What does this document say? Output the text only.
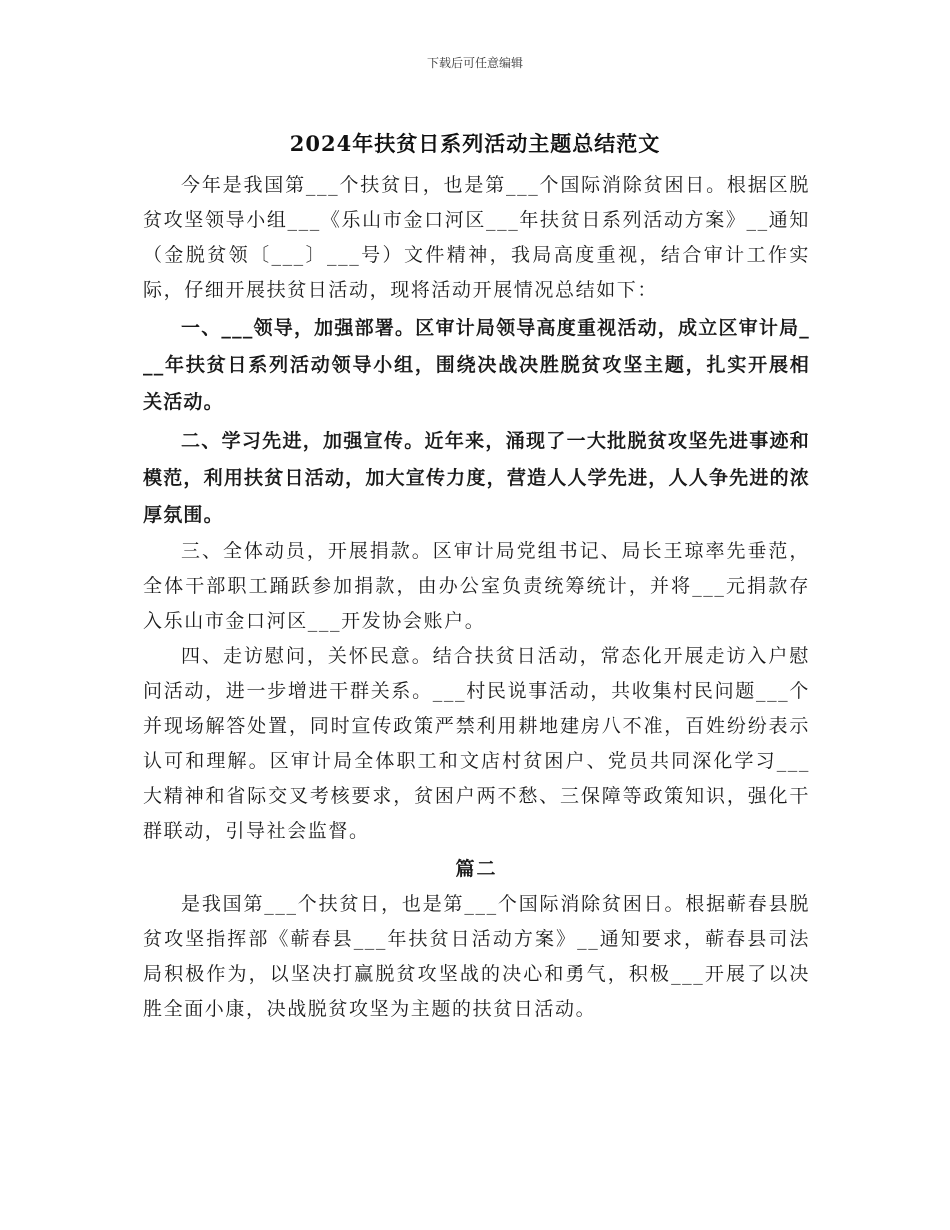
下载后可任意编辑
2024年扶贫日系列活动主题总结范文

今年是我国第___个扶贫日，也是第___个国际消除贫困日。根据区脱贫攻坚领导小组___《乐山市金口河区___年扶贫日系列活动方案》__通知（金脱贫领〔___〕___号）文件精神，我局高度重视，结合审计工作实际，仔细开展扶贫日活动，现将活动开展情况总结如下：

一、___领导，加强部署。区审计局领导高度重视活动，成立区审计局___年扶贫日系列活动领导小组，围绕决战决胜脱贫攻坚主题，扎实开展相关活动。

二、学习先进，加强宣传。近年来，涌现了一大批脱贫攻坚先进事迹和模范，利用扶贫日活动，加大宣传力度，营造人人学先进，人人争先进的浓厚氛围。

三、全体动员，开展捐款。区审计局党组书记、局长王琼率先垂范，全体干部职工踊跃参加捐款，由办公室负责统筹统计，并将___元捐款存入乐山市金口河区___开发协会账户。

四、走访慰问，关怀民意。结合扶贫日活动，常态化开展走访入户慰问活动，进一步增进干群关系。___村民说事活动，共收集村民问题___个并现场解答处置，同时宣传政策严禁利用耕地建房八不准，百姓纷纷表示认可和理解。区审计局全体职工和文店村贫困户、党员共同深化学习___大精神和省际交叉考核要求，贫困户两不愁、三保障等政策知识，强化干群联动，引导社会监督。

篇二

是我国第___个扶贫日，也是第___个国际消除贫困日。根据蕲春县脱贫攻坚指挥部《蕲春县___年扶贫日活动方案》__通知要求，蕲春县司法局积极作为，以坚决打赢脱贫攻坚战的决心和勇气，积极___开展了以决胜全面小康，决战脱贫攻坚为主题的扶贫日活动。
